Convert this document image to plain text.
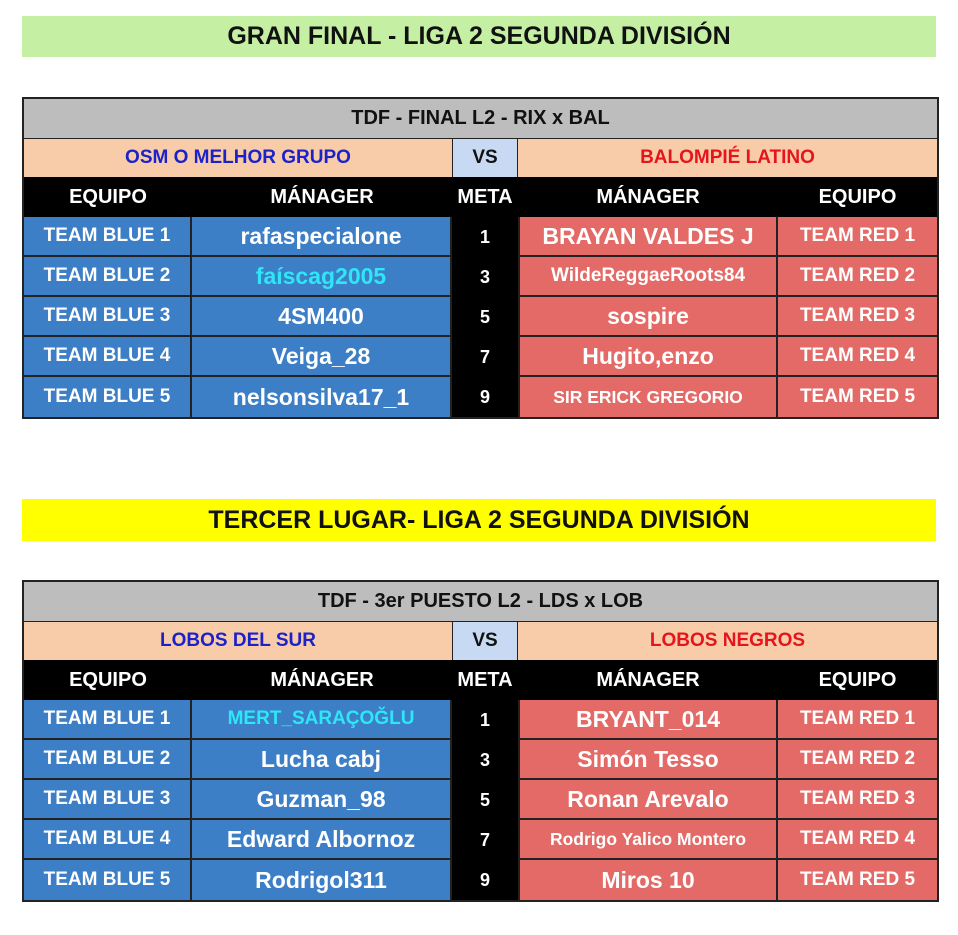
GRAN FINAL - LIGA 2 SEGUNDA DIVISIÓN
TDF - FINAL L2 - RIX x BAL
OSM O MELHOR GRUPO	VS	BALOMPIÉ LATINO
EQUIPO	MÁNAGER	META	MÁNAGER	EQUIPO
TEAM BLUE 1	rafaspecialone	1	BRAYAN VALDES J	TEAM RED 1
TEAM BLUE 2	faíscag2005	3	WildeReggaeRoots84	TEAM RED 2
TEAM BLUE 3	4SM400	5	sospire	TEAM RED 3
TEAM BLUE 4	Veiga_28	7	Hugito,enzo	TEAM RED 4
TEAM BLUE 5	nelsonsilva17_1	9	SIR ERICK GREGORIO	TEAM RED 5
TERCER LUGAR- LIGA 2 SEGUNDA DIVISIÓN
TDF - 3er PUESTO L2 - LDS x LOB
LOBOS DEL SUR	VS	LOBOS NEGROS
EQUIPO	MÁNAGER	META	MÁNAGER	EQUIPO
TEAM BLUE 1	MERT_SARAÇOĞLU	1	BRYANT_014	TEAM RED 1
TEAM BLUE 2	Lucha cabj	3	Simón Tesso	TEAM RED 2
TEAM BLUE 3	Guzman_98	5	Ronan Arevalo	TEAM RED 3
TEAM BLUE 4	Edward Albornoz	7	Rodrigo Yalico Montero	TEAM RED 4
TEAM BLUE 5	Rodrigol311	9	Miros 10	TEAM RED 5
